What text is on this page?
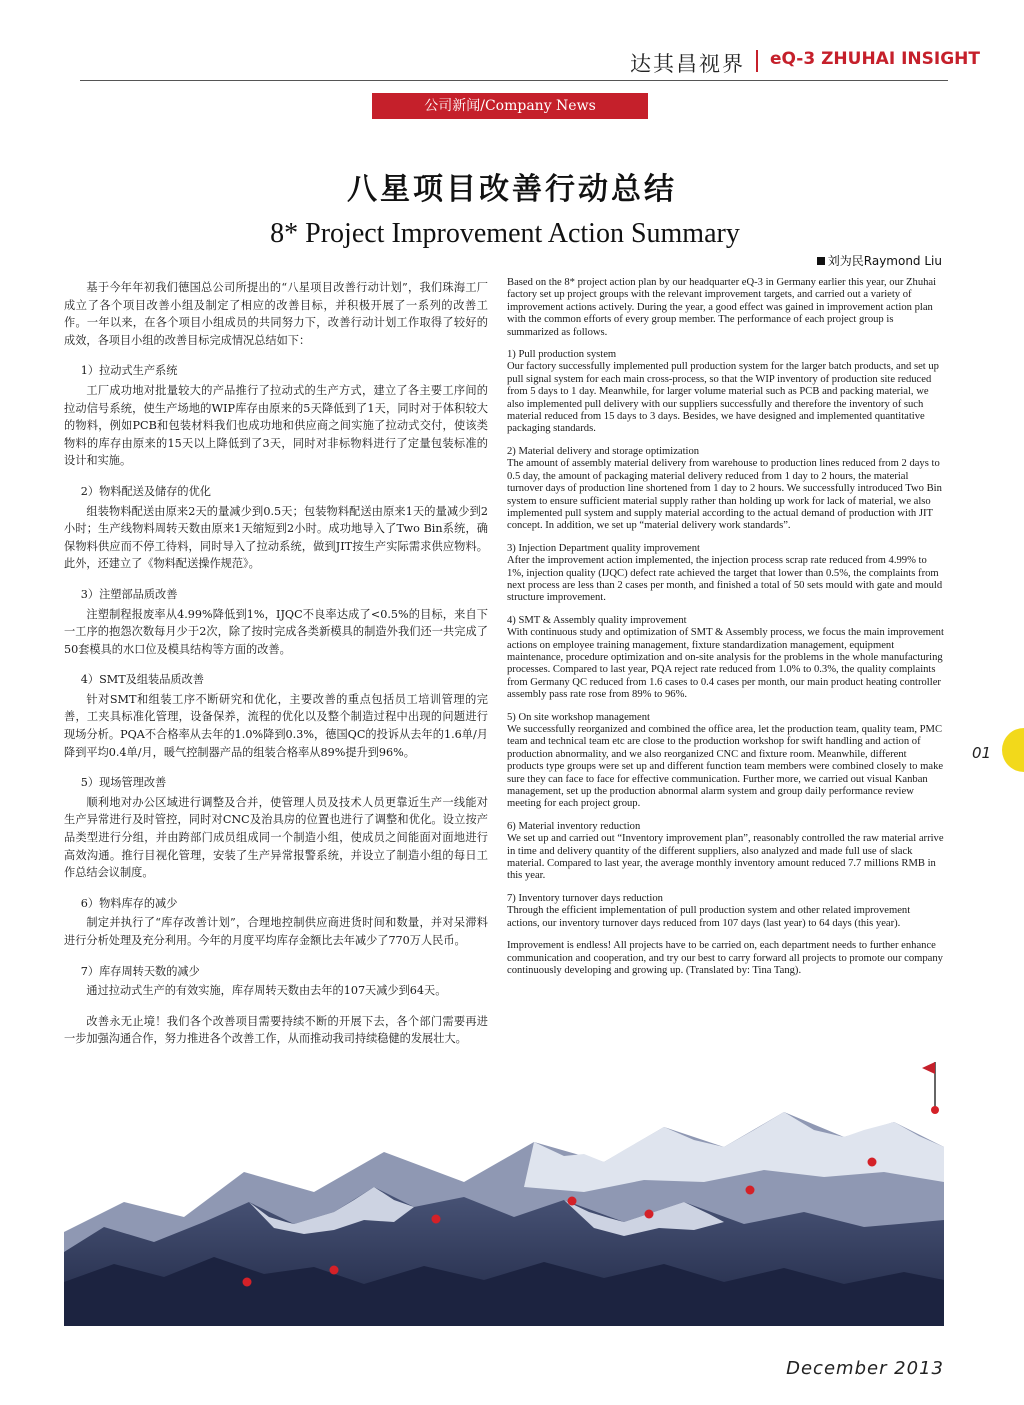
达其昌视界 eQ-3 ZHUHAI INSIGHT
公司新闻/Company News
八星项目改善行动总结
8* Project Improvement Action Summary
刘为民Raymond Liu

基于今年年初我们德国总公司所提出的“八星项目改善行动计划”，我们珠海工厂成立了各个项目改善小组及制定了相应的改善目标，并积极开展了一系列的改善工作。一年以来，在各个项目小组成员的共同努力下，改善行动计划工作取得了较好的成效，各项目小组的改善目标完成情况总结如下：

1）拉动式生产系统

工厂成功地对批量较大的产品推行了拉动式的生产方式，建立了各主要工序间的拉动信号系统，使生产场地的WIP库存由原来的5天降低到了1天，同时对于体积较大的物料，例如PCB和包装材料我们也成功地和供应商之间实施了拉动式交付，使该类物料的库存由原来的15天以上降低到了3天，同时对非标物料进行了定量包装标准的设计和实施。

2）物料配送及储存的优化

组装物料配送由原来2天的量减少到0.5天；包装物料配送由原来1天的量减少到2小时；生产线物料周转天数由原来1天缩短到2小时。成功地导入了Two Bin系统，确保物料供应而不停工待料，同时导入了拉动系统，做到JIT按生产实际需求供应物料。此外，还建立了《物料配送操作规范》。

3）注塑部品质改善

注塑制程报废率从4.99%降低到1%，IJQC不良率达成了<0.5%的目标，来自下一工序的抱怨次数每月少于2次，除了按时完成各类新模具的制造外我们还一共完成了50套模具的水口位及模具结构等方面的改善。

4）SMT及组装品质改善

针对SMT和组装工序不断研究和优化，主要改善的重点包括员工培训管理的完善，工夹具标准化管理，设备保养，流程的优化以及整个制造过程中出现的问题进行现场分析。PQA不合格率从去年的1.0%降到0.3%，德国QC的投诉从去年的1.6单/月降到平均0.4单/月，暖气控制器产品的组装合格率从89%提升到96%。

5）现场管理改善

顺利地对办公区域进行调整及合并，使管理人员及技术人员更靠近生产一线能对生产异常进行及时管控，同时对CNC及治具房的位置也进行了调整和优化。设立按产品类型进行分组，并由跨部门成员组成同一个制造小组，使成员之间能面对面地进行高效沟通。推行目视化管理，安装了生产异常报警系统，并设立了制造小组的每日工作总结会议制度。

6）物料库存的减少

制定并执行了“库存改善计划”，合理地控制供应商进货时间和数量，并对呆滞料进行分析处理及充分利用。今年的月度平均库存金额比去年减少了770万人民币。

7）库存周转天数的减少

通过拉动式生产的有效实施，库存周转天数由去年的107天减少到64天。

改善永无止境！我们各个改善项目需要持续不断的开展下去，各个部门需要再进一步加强沟通合作，努力推进各个改善工作，从而推动我司持续稳健的发展壮大。

Based on the 8* project action plan by our headquarter eQ-3 in Germany earlier this year, our Zhuhai factory set up project groups with the relevant improvement targets, and carried out a variety of improvement actions actively. During the year, a good effect was gained in improvement action plan with the common efforts of every group member. The performance of each project group is summarized as follows.

1) Pull production system

Our factory successfully implemented pull production system for the larger batch products, and set up pull signal system for each main cross-process, so that the WIP inventory of production site reduced from 5 days to 1 day. Meanwhile, for larger volume material such as PCB and packing material, we also implemented pull delivery with our suppliers successfully and therefore the inventory of such material reduced from 15 days to 3 days. Besides, we have designed and implemented quantitative packaging standards.

2) Material delivery and storage optimization

The amount of assembly material delivery from warehouse to production lines reduced from 2 days to 0.5 day, the amount of packaging material delivery reduced from 1 day to 2 hours, the material turnover days of production line shortened from 1 day to 2 hours. We successfully introduced Two Bin system to ensure sufficient material supply rather than holding up work for lack of material, we also implemented pull system and supply material according to the actual demand of production with JIT concept. In addition, we set up “material delivery work standards”.

3) Injection Department quality improvement

After the improvement action implemented, the injection process scrap rate reduced from 4.99% to 1%, injection quality (IJQC) defect rate achieved the target that lower than 0.5%, the complaints from next process are less than 2 cases per month, and finished a total of 50 sets mould with gate and mould structure improvement.

4) SMT & Assembly quality improvement

With continuous study and optimization of SMT & Assembly process, we focus the main improvement actions on employee training management, fixture standardization management, equipment maintenance, procedure optimization and on-site analysis for the problems in the whole manufacturing processes. Compared to last year, PQA reject rate reduced from 1.0% to 0.3%, the quality complaints from Germany QC reduced from 1.6 cases to 0.4 cases per month, our main product heating controller assembly pass rate rose from 89% to 96%.

5) On site workshop management

We successfully reorganized and combined the office area, let the production team, quality team, PMC team and technical team etc are close to the production workshop for swift handling and action of production abnormality, and we also reorganized CNC and fixture room. Meanwhile, different products type groups were set up and different function team members were combined closely to make sure they can face to face for effective communication. Further more, we carried out visual Kanban management, set up the production abnormal alarm system and group daily performance review meeting for each project group.

6) Material inventory reduction

We set up and carried out “Inventory improvement plan”, reasonably controlled the raw material arrive in time and delivery quantity of the different suppliers, also analyzed and made full use of slack material. Compared to last year, the average monthly inventory amount reduced 7.7 millions RMB in this year.

7) Inventory turnover days reduction

Through the efficient implementation of pull production system and other related improvement actions, our inventory turnover days reduced from 107 days (last year) to 64 days (this year).

Improvement is endless! All projects have to be carried on, each department needs to further enhance communication and cooperation, and try our best to carry forward all projects to promote our company continuously developing and growing up. (Translated by: Tina Tang).

01
December 2013
